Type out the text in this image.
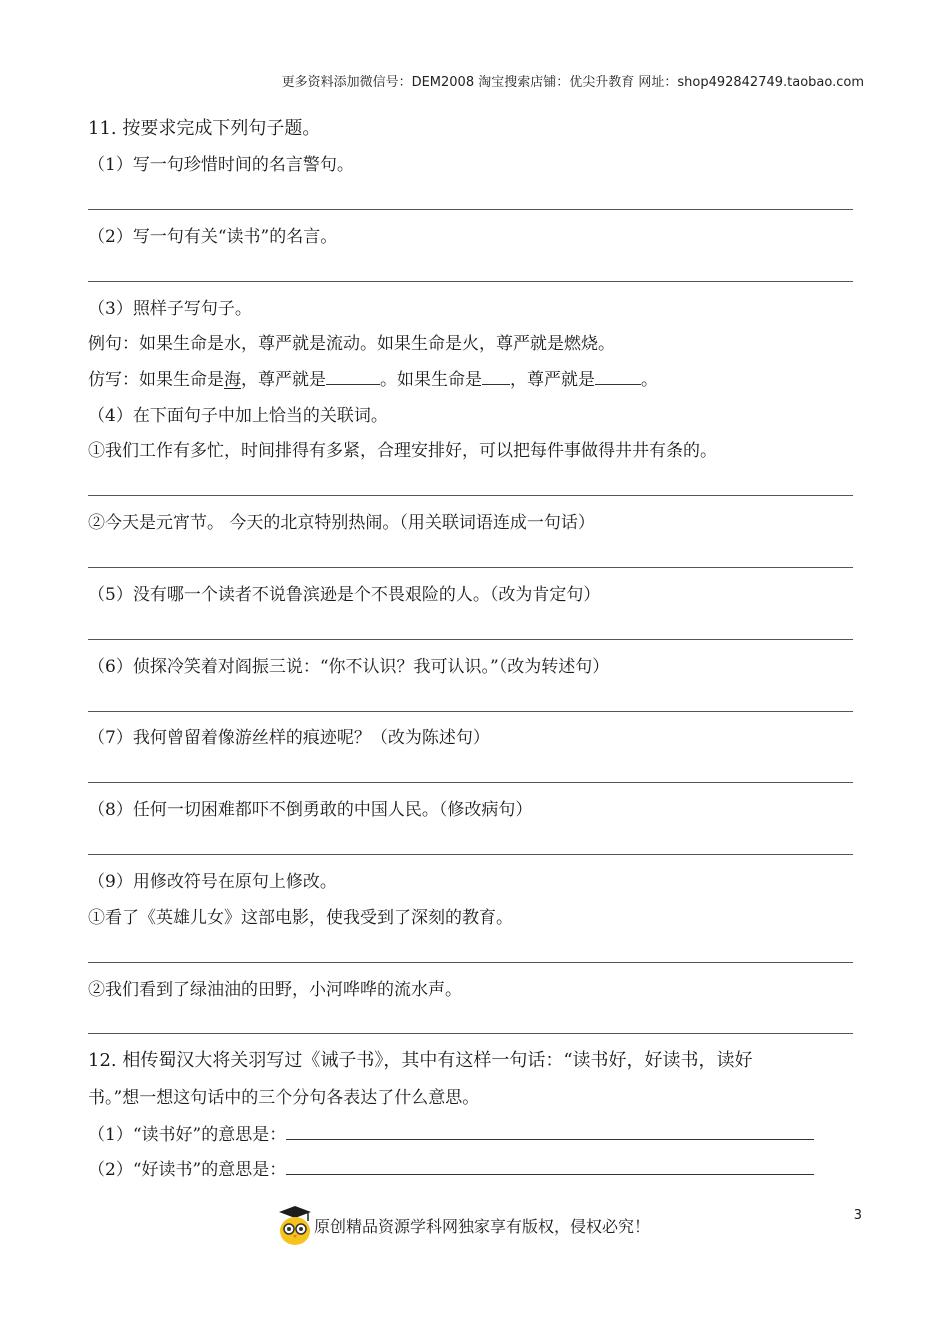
更多资料添加微信号：DEM2008 淘宝搜索店铺：优尖升教育 网址：shop492842749.taobao.com
11. 按要求完成下列句子题。
（1）写一句珍惜时间的名言警句。
（2）写一句有关“读书”的名言。
（3）照样子写句子。
例句：如果生命是水，尊严就是流动。如果生命是火，尊严就是燃烧。
仿写：如果生命是海，尊严就是	。如果生命是 ，尊严就是	。
（4）在下面句子中加上恰当的关联词。
①我们工作有多忙，时间排得有多紧，合理安排好，可以把每件事做得井井有条的。
②今天是元宵节。 今天的北京特别热闹。（用关联词语连成一句话）
（5）没有哪一个读者不说鲁滨逊是个不畏艰险的人。（改为肯定句）
（6）侦探冷笑着对阎振三说：“你不认识？我可认识。”（改为转述句）
（7）我何曾留着像游丝样的痕迹呢？（改为陈述句）
（8）任何一切困难都吓不倒勇敢的中国人民。（修改病句）
（9）用修改符号在原句上修改。
①看了《英雄儿女》这部电影，使我受到了深刻的教育。
②我们看到了绿油油的田野，小河哗哗的流水声。
12. 相传蜀汉大将关羽写过《诫子书》，其中有这样一句话：“读书好，好读书，读好
书。”想一想这句话中的三个分句各表达了什么意思。
（1）“读书好”的意思是：
（2）“好读书”的意思是：
原创精品资源学科网独家享有版权，侵权必究！
3
